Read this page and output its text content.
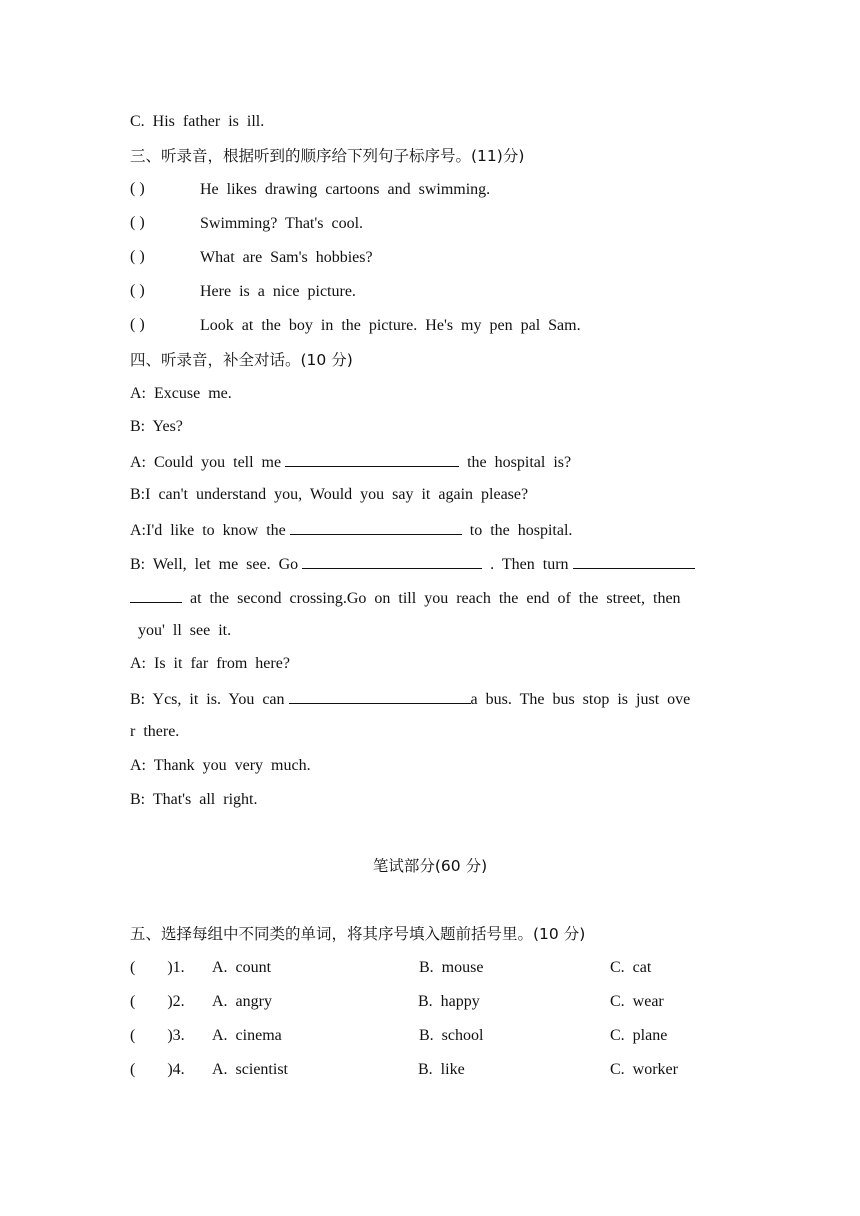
C.  His  father  is  ill.
三、听录音，根据听到的顺序给下列句子标序号。(11)分)
( )	He  likes  drawing  cartoons  and  swimming.
( )	Swimming?  That's  cool.
( )	What  are  Sam's  hobbies?
( )	Here  is  a  nice  picture.
( )	Look  at  the  boy  in  the  picture.  He's  my  pen  pal  Sam.
四、听录音，补全对话。(10 分)
A:  Excuse  me.
B:  Yes?
A:  Could  you  tell  me	the  hospital  is?
B:I  can't  understand  you,  Would  you  say  it  again  please?
A:I'd  like  to  know  the	to  the  hospital.
B:  Well,  let  me  see.  Go	.  Then  turn
at  the  second  crossing.Go  on  till  you  reach  the  end  of  the  street,  then
you'  ll  see  it.
A:  Is  it  far  from  here?
B:  Ycs,  it  is.  You  can	a  bus.  The  bus  stop  is  just  ove
r  there.
A:  Thank  you  very  much.
B:  That's  all  right.
笔试部分(60 分)
五、选择每组中不同类的单词，将其序号填入题前括号里。(10 分)
(        )1. A.  count	B.  mouse	C.  cat
(        )2. A.  angry	B.  happy	C.  wear
(        )3. A.  cinema	B.  school	C.  plane
(        )4. A.  scientist	B.  like	C.  worker
